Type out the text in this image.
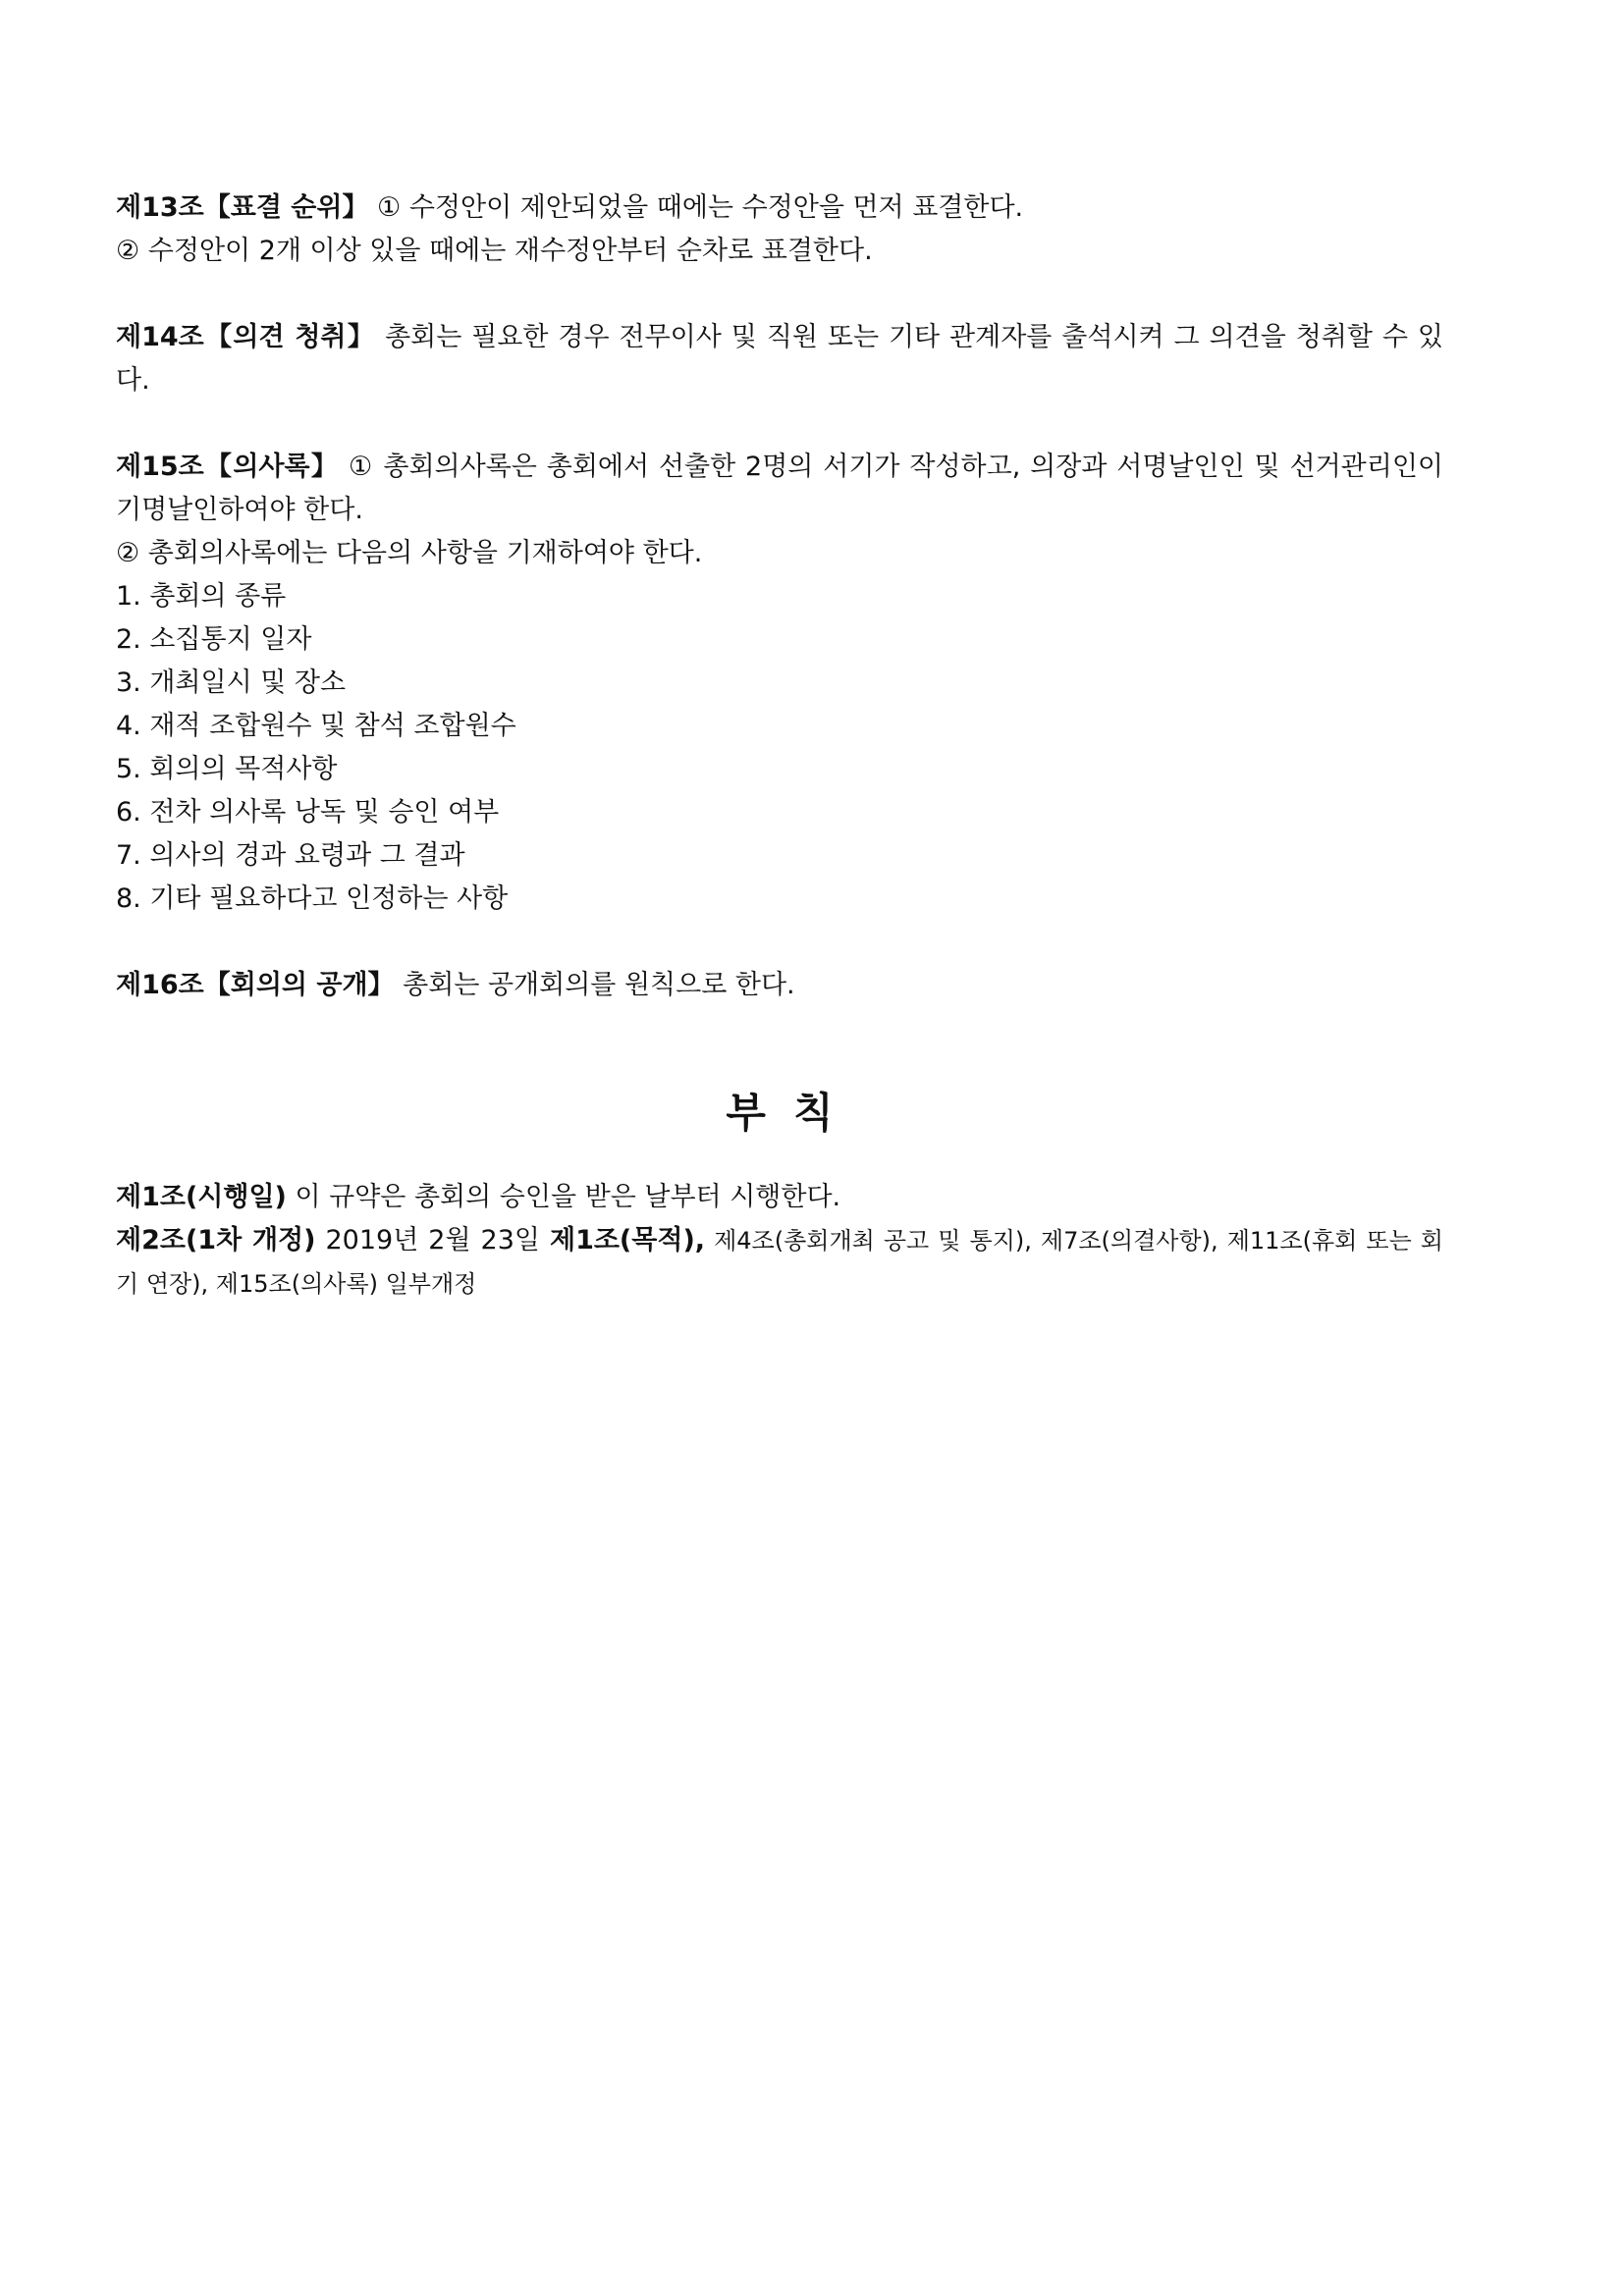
제13조【표결 순위】 ① 수정안이 제안되었을 때에는 수정안을 먼저 표결한다.

② 수정안이 2개 이상 있을 때에는 재수정안부터 순차로 표결한다.

제14조【의견 청취】 총회는 필요한 경우 전무이사 및 직원 또는 기타 관계자를 출석시켜 그 의견을 청취할 수 있다.

제15조【의사록】 ① 총회의사록은 총회에서 선출한 2명의 서기가 작성하고, 의장과 서명날인인 및 선거관리인이 기명날인하여야 한다.

② 총회의사록에는 다음의 사항을 기재하여야 한다.

1. 총회의 종류

2. 소집통지 일자

3. 개최일시 및 장소

4. 재적 조합원수 및 참석 조합원수

5. 회의의 목적사항

6. 전차 의사록 낭독 및 승인 여부

7. 의사의 경과 요령과 그 결과

8. 기타 필요하다고 인정하는 사항

제16조【회의의 공개】 총회는 공개회의를 원칙으로 한다.

부칙

제1조(시행일) 이 규약은 총회의 승인을 받은 날부터 시행한다.

제2조(1차 개정) 2019년 2월 23일 제1조(목적), 제4조(총회개최 공고 및 통지), 제7조(의결사항), 제11조(휴회 또는 회기 연장), 제15조(의사록) 일부개정
